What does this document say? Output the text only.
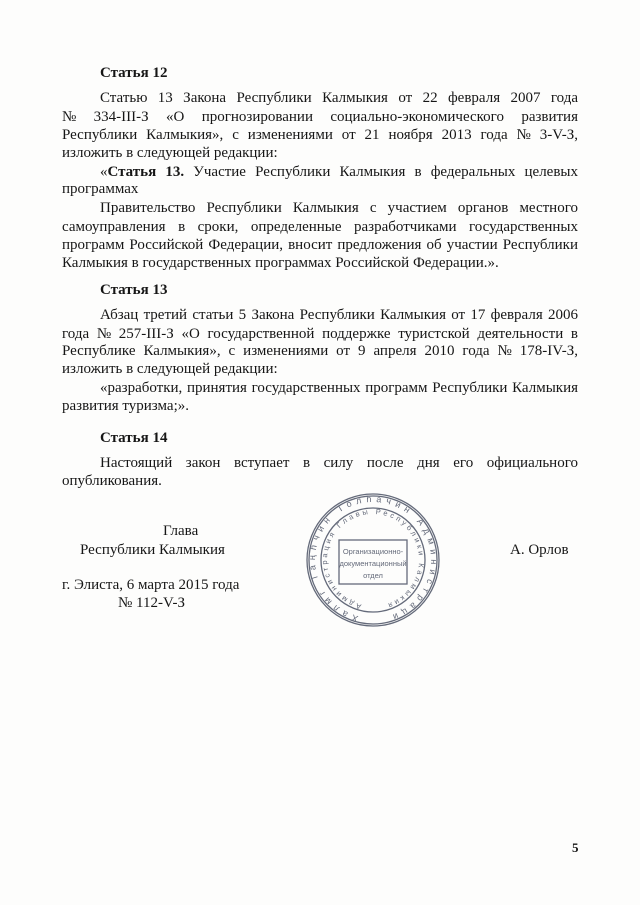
Статья 12
Статью 13 Закона Республики Калмыкия от 22 февраля 2007 года
№ 334-III-З «О прогнозировании социально-экономического развития
Республики Калмыкия», с изменениями от 21 ноября 2013 года № 3-V-З,
изложить в следующей редакции:
«Статья 13. Участие Республики Калмыкия в федеральных целевых
программах
Правительство Республики Калмыкия с участием органов местного
самоуправления в сроки, определенные разработчиками государственных
программ Российской Федерации, вносит предложения об участии Республики
Калмыкия в государственных программах Российской Федерации.».
Статья 13
Абзац третий статьи 5 Закона Республики Калмыкия от 17 февраля 2006
года № 257-III-З «О государственной поддержке туристской деятельности в
Республике Калмыкия», с изменениями от 9 апреля 2010 года № 178-IV-З,
изложить в следующей редакции:
«разработки, принятия государственных программ Республики Калмыкия
развития туризма;».
Статья 14
Настоящий закон вступает в силу после дня его официального
опубликования.
Глава
Республики Калмыкия	А. Орлов
г. Элиста, 6 марта 2015 года
№ 112-V-З
Халмг Таңһчин Толһачин Администраци
Администрация Главы Республики Калмыкия
Организационно-
документационный
отдел
5
